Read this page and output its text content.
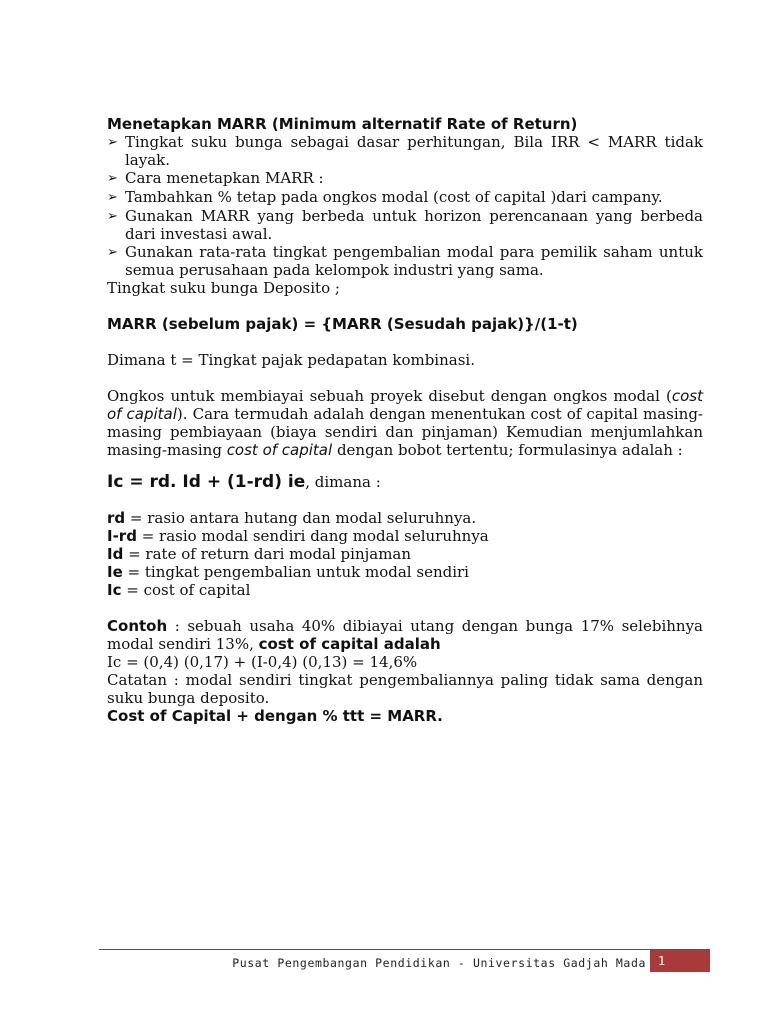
Menetapkan MARR (Minimum alternatif Rate of Return)
➢ Tingkat suku bunga sebagai dasar perhitungan, Bila IRR < MARR tidak layak.
➢ Cara menetapkan MARR :
➢ Tambahkan % tetap pada ongkos modal (cost of capital )dari campany.
➢ Gunakan MARR yang berbeda untuk horizon perencanaan yang berbeda dari investasi awal.
➢ Gunakan rata-rata tingkat pengembalian modal para pemilik saham untuk semua perusahaan pada kelompok industri yang sama.
Tingkat suku bunga Deposito ;
MARR (sebelum pajak) = {MARR (Sesudah pajak)}/(1-t)
Dimana t = Tingkat pajak pedapatan kombinasi.
Ongkos untuk membiayai sebuah proyek disebut dengan ongkos modal (cost of capital). Cara termudah adalah dengan menentukan cost of capital masing-masing pembiayaan (biaya sendiri dan pinjaman) Kemudian menjumlahkan masing-masing cost of capital dengan bobot tertentu; formulasinya adalah :
Ic = rd. Id + (1-rd) ie, dimana :
rd = rasio antara hutang dan modal seluruhnya.
I-rd = rasio modal sendiri dang modal seluruhnya
Id = rate of return dari modal pinjaman
Ie = tingkat pengembalian untuk modal sendiri
Ic = cost of capital
Contoh : sebuah usaha 40% dibiayai utang dengan bunga 17% selebihnya modal sendiri 13%, cost of capital adalah
Ic = (0,4) (0,17) + (I-0,4) (0,13) = 14,6%
Catatan : modal sendiri tingkat pengembaliannya paling tidak sama dengan suku bunga deposito.
Cost of Capital + dengan % ttt = MARR.
Pusat Pengembangan Pendidikan - Universitas Gadjah Mada	1
